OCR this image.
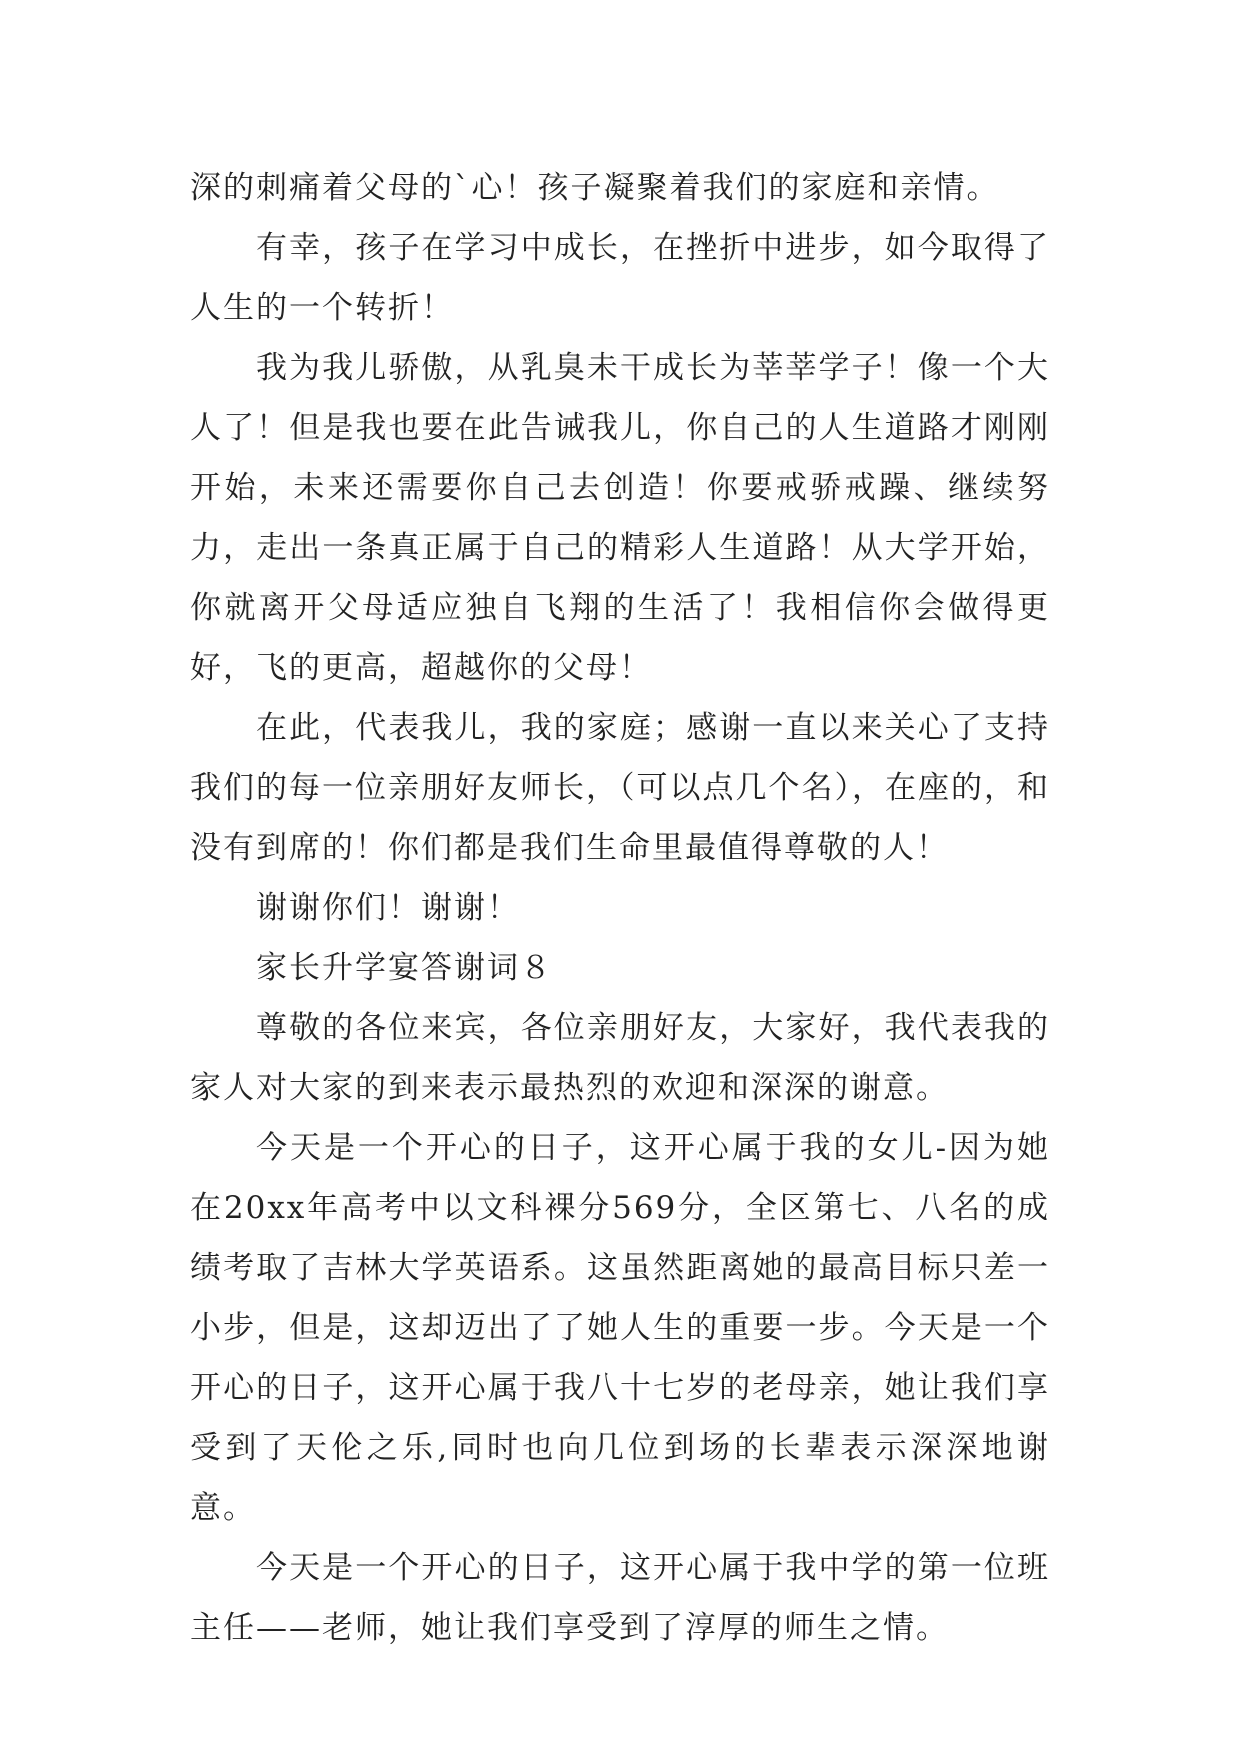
深的刺痛着父母的`心！孩子凝聚着我们的家庭和亲情。

有幸，孩子在学习中成长，在挫折中进步，如今取得了人生的一个转折！

我为我儿骄傲，从乳臭未干成长为莘莘学子！像一个大人了！但是我也要在此告诫我儿，你自己的人生道路才刚刚开始，未来还需要你自己去创造！你要戒骄戒躁、继续努力，走出一条真正属于自己的精彩人生道路！从大学开始，你就离开父母适应独自飞翔的生活了！我相信你会做得更好，飞的更高，超越你的父母！

在此，代表我儿，我的家庭；感谢一直以来关心了支持我们的每一位亲朋好友师长，（可以点几个名），在座的，和没有到席的！你们都是我们生命里最值得尊敬的人！

谢谢你们！谢谢！

家长升学宴答谢词８

尊敬的各位来宾，各位亲朋好友，大家好，我代表我的家人对大家的到来表示最热烈的欢迎和深深的谢意。

今天是一个开心的日子，这开心属于我的女儿-因为她在20xx年高考中以文科裸分569分，全区第七、八名的成绩考取了吉林大学英语系。这虽然距离她的最高目标只差一小步，但是，这却迈出了了她人生的重要一步。今天是一个开心的日子，这开心属于我八十七岁的老母亲，她让我们享受到了天伦之乐,同时也向几位到场的长辈表示深深地谢意。

今天是一个开心的日子，这开心属于我中学的第一位班主任——老师，她让我们享受到了淳厚的师生之情。
